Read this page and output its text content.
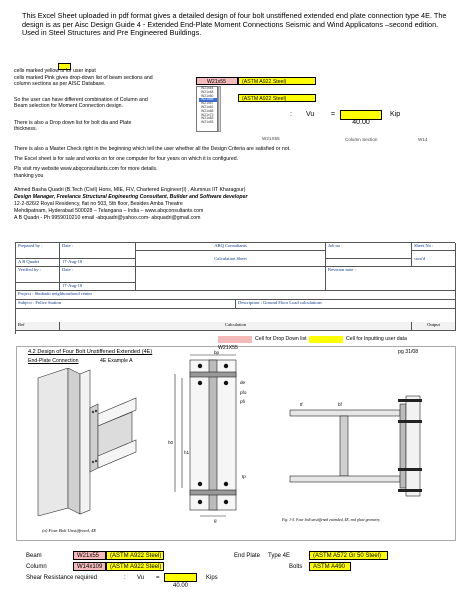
This Excel Sheet uploaded in pdf format gives a detailed design of four bolt unstiffened extended end plate connection type 4E. The design is as per Aisc Design Guide 4 - Extended End-Plate Moment Connections Seismic and Wind Applicatons –second edition. Used in Steel Structures and Pre Engineered Buildings.
cells marked yellow is for user input
cells marked Pink gives drop-down list of beam sections and
column sections as per AISC Database.
So the user can have different combination of Column and
Beam selection for Moment Connection design.
There is also a Drop down list for bolt dia and Plate
thickness.
W21x55	(ASTM A922 Steel)
W21x44
W21x48
W21x50
W21x55
W21x57
W21x62
W21x68
W21x73
W21x83
W21x93
(ASTM A922 Steel)
: Vu =
40.00
Kip
W21X55	Column Section	W14
There is also a Master Check right in the beginning which tell the user whether all the Design Criteria are satisfied or not.
The Excel sheet is for sale and works on for one computer for four years on which it is configured.
Pls visit my website www.abqconsultants.com for more details.
thanking you
Ahmed Basha Quadri (B.Tech (Civil) Hons, MIE, FIV, Chartered Engineer(I) , Alumnus IIT Kharagpur)
Design Manager, Freelance Structural Engineering Consultant, Builder and Software developer
12-2-826/2 Royal Residency, flat no 503, 5th floor, Besides Amba Theatre
Mehdipatnam, Hyderabad 500028 – Telangana – India – www.abqconsultants.com
A B Quadri - Ph 9959010210 email -abquadri@yahoo.com- abquadri@gmail.com
Prepared by :	Date :	ABQ Consultants	Job no :	Sheet No :
A B Quadri	17-Aug-18
Calculation Sheet	cont'd
Verified by :	Date :	Revision note :
17-Aug-18
Project : Shubado neighbourhood center
Subject : Police Station	Description : Ground Floor Load calculations
Ref	Calculation	Output
Cell for Drop Down list	Cell for Inputting user data
4.2 Design of Four Bolt Unstiffened Extended (4E)
End-Plate Connection	4E Example A
W21X55
pg 31/08
(a) Four Bolt Unstiffened, 4E
bp
g
h0
h1
de
pfo
pfi
tp
bf
tf
Fig. 1-5. Four bolt unstiffened extended, 4E, end plate geometry.
Beam	W21x55 (ASTM A922 Steel)
Column	W14x109 (ASTM A922 Steel)
Shear Resistance required	: Vu =
40.00
Kips
End Plate Type 4E	(ASTM A572 Gr 50 Steel)
Bolts ASTM A490
